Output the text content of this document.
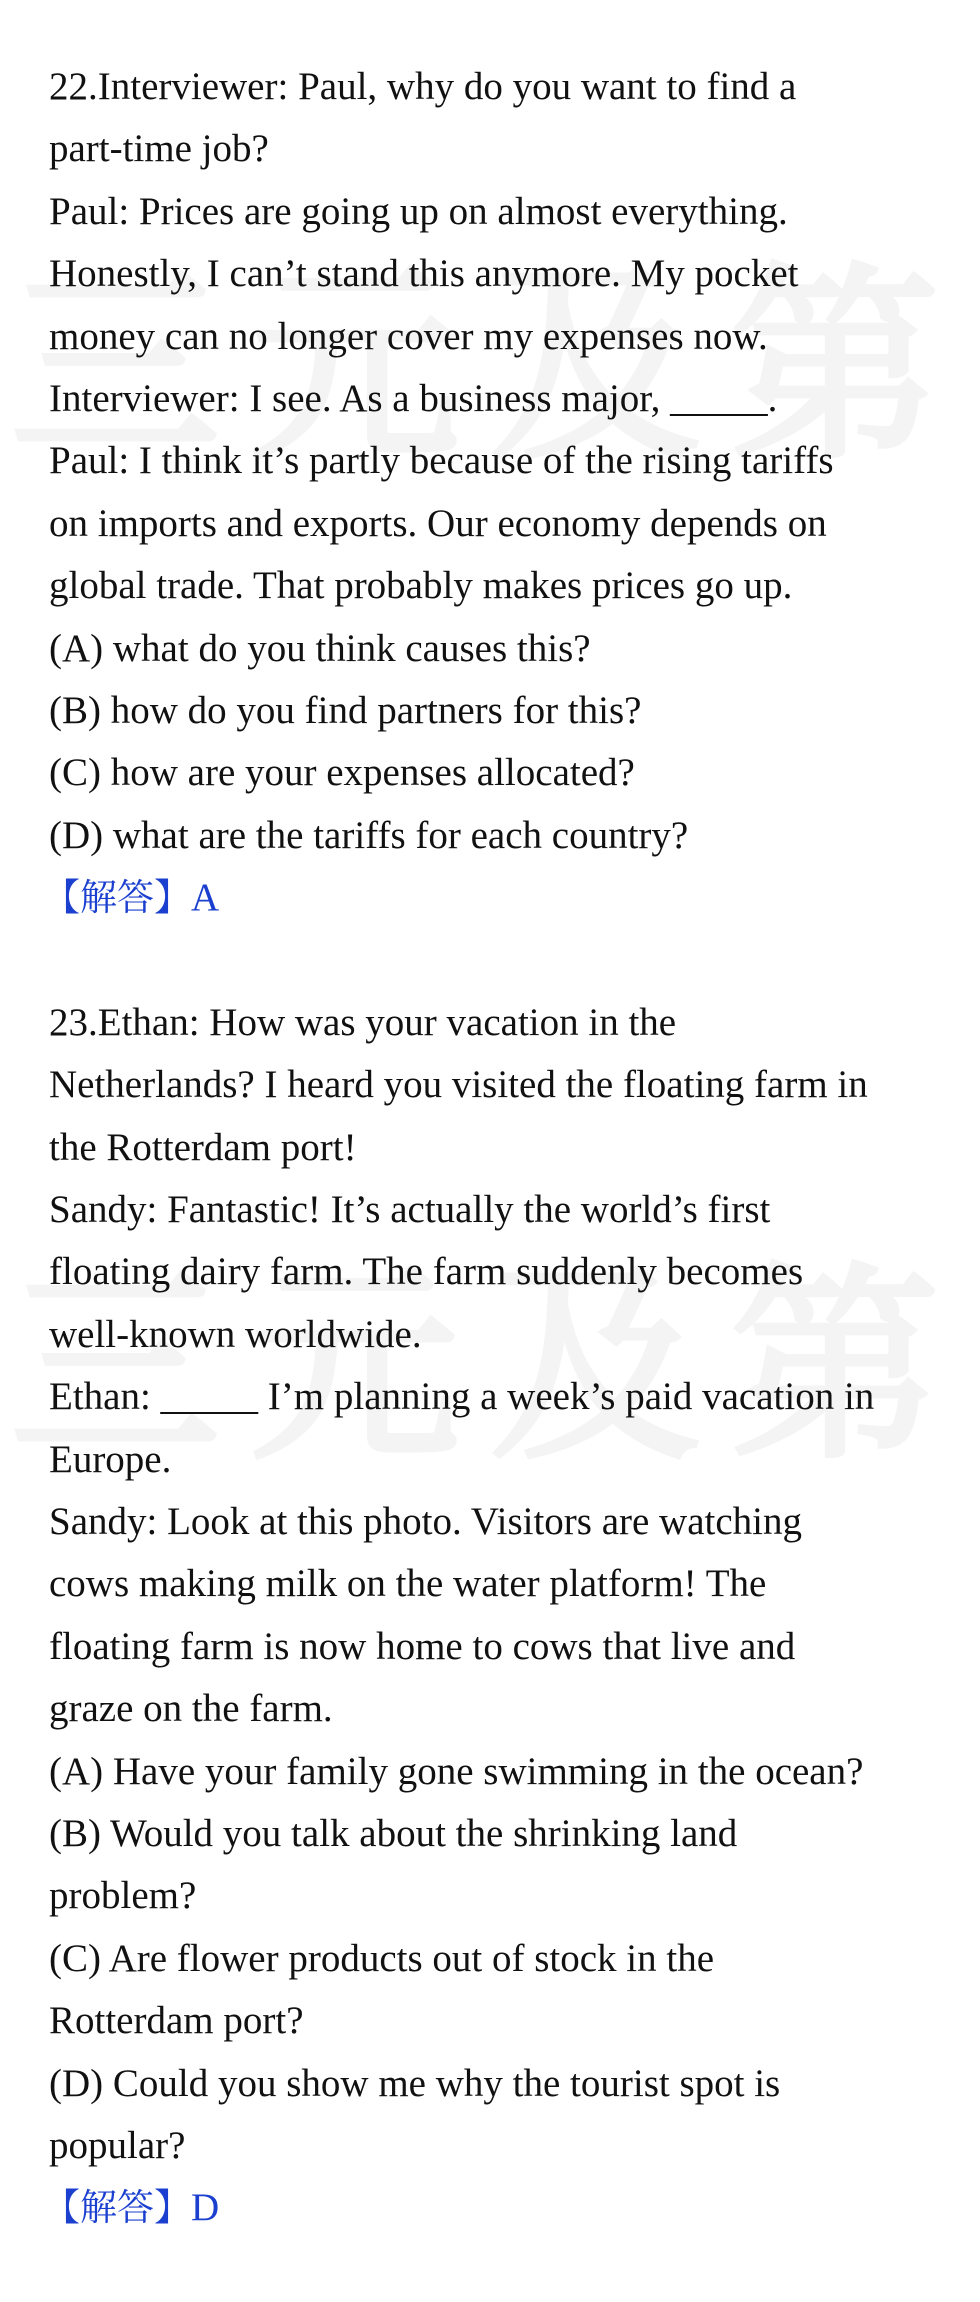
22.Interviewer: Paul, why do you want to find a
part-time job?
Paul: Prices are going up on almost everything.
Honestly, I can’t stand this anymore. My pocket
money can no longer cover my expenses now.
Interviewer: I see. As a business major, _____.
Paul: I think it’s partly because of the rising tariffs
on imports and exports. Our economy depends on
global trade. That probably makes prices go up.
(A) what do you think causes this?
(B) how do you find partners for this?
(C) how are your expenses allocated?
(D) what are the tariffs for each country?
【解答】A
23.Ethan: How was your vacation in the
Netherlands? I heard you visited the floating farm in
the Rotterdam port!
Sandy: Fantastic! It’s actually the world’s first
floating dairy farm. The farm suddenly becomes
well-known worldwide.
Ethan: _____ I’m planning a week’s paid vacation in
Europe.
Sandy: Look at this photo. Visitors are watching
cows making milk on the water platform! The
floating farm is now home to cows that live and
graze on the farm.
(A) Have your family gone swimming in the ocean?
(B) Would you talk about the shrinking land
problem?
(C) Are flower products out of stock in the
Rotterdam port?
(D) Could you show me why the tourist spot is
popular?
【解答】D
